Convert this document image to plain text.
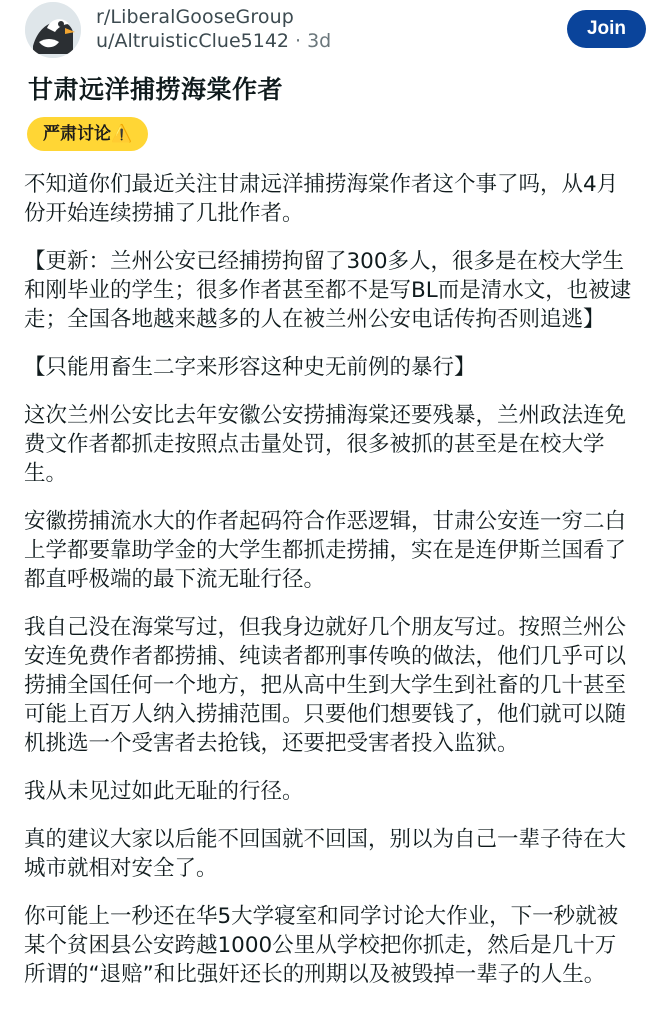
r/LiberalGooseGroup
u/AltruisticClue5142 · 3d
Join
甘肃远洋捕捞海棠作者
严肃讨论⚠️

不知道你们最近关注甘肃远洋捕捞海棠作者这个事了吗，从4月份开始连续捞捕了几批作者。

【更新：兰州公安已经捕捞拘留了300多人，很多是在校大学生和刚毕业的学生；很多作者甚至都不是写BL而是清水文，也被逮走；全国各地越来越多的人在被兰州公安电话传拘否则追逃】

【只能用畜生二字来形容这种史无前例的暴行】

这次兰州公安比去年安徽公安捞捕海棠还要残暴，兰州政法连免费文作者都抓走按照点击量处罚，很多被抓的甚至是在校大学生。

安徽捞捕流水大的作者起码符合作恶逻辑，甘肃公安连一穷二白上学都要靠助学金的大学生都抓走捞捕，实在是连伊斯兰国看了都直呼极端的最下流无耻行径。

我自己没在海棠写过，但我身边就好几个朋友写过。按照兰州公安连免费作者都捞捕、纯读者都刑事传唤的做法，他们几乎可以捞捕全国任何一个地方，把从高中生到大学生到社畜的几十甚至可能上百万人纳入捞捕范围。只要他们想要钱了，他们就可以随机挑选一个受害者去抢钱，还要把受害者投入监狱。

我从未见过如此无耻的行径。

真的建议大家以后能不回国就不回国，别以为自己一辈子待在大城市就相对安全了。

你可能上一秒还在华5大学寝室和同学讨论大作业，下一秒就被某个贫困县公安跨越1000公里从学校把你抓走，然后是几十万所谓的“退赔”和比强奸还长的刑期以及被毁掉一辈子的人生。
